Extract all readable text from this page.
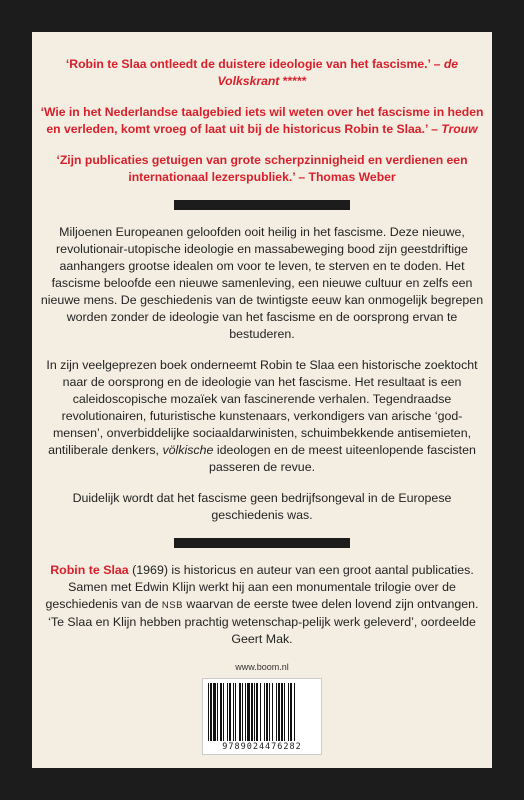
‘Robin te Slaa ontleedt de duistere ideologie van het fascisme.’ – de Volkskrant *****

‘Wie in het Nederlandse taalgebied iets wil weten over het fascisme in heden en verleden, komt vroeg of laat uit bij de historicus Robin te Slaa.’ – Trouw

‘Zijn publicaties getuigen van grote scherpzinnigheid en verdienen een internationaal lezerspubliek.’ – Thomas Weber

Miljoenen Europeanen geloofden ooit heilig in het fascisme. Deze nieuwe, revolutionair-utopische ideologie en massabeweging bood zijn geestdriftige aanhangers grootse idealen om voor te leven, te sterven en te doden. Het fascisme beloofde een nieuwe samenleving, een nieuwe cultuur en zelfs een nieuwe mens. De geschiedenis van de twintigste eeuw kan onmogelijk begrepen worden zonder de ideologie van het fascisme en de oorsprong ervan te bestuderen.

In zijn veelgeprezen boek onderneemt Robin te Slaa een historische zoektocht naar de oorsprong en de ideologie van het fascisme. Het resultaat is een caleidoscopische mozaïek van fascinerende verhalen. Tegendraadse revolutionairen, futuristische kunstenaars, verkondigers van arische ‘god-mensen’, onverbiddelijke sociaaldarwinisten, schuimbekkende antisemieten, antiliberale denkers, völkische ideologen en de meest uiteenlopende fascisten passeren de revue.

Duidelijk wordt dat het fascisme geen bedrijfsongeval in de Europese geschiedenis was.

Robin te Slaa (1969) is historicus en auteur van een groot aantal publicaties. Samen met Edwin Klijn werkt hij aan een monumentale trilogie over de geschiedenis van de NSB waarvan de eerste twee delen lovend zijn ontvangen. ‘Te Slaa en Klijn hebben prachtig wetenschap-pelijk werk geleverd’, oordeelde Geert Mak.

www.boom.nl
9789024476282
